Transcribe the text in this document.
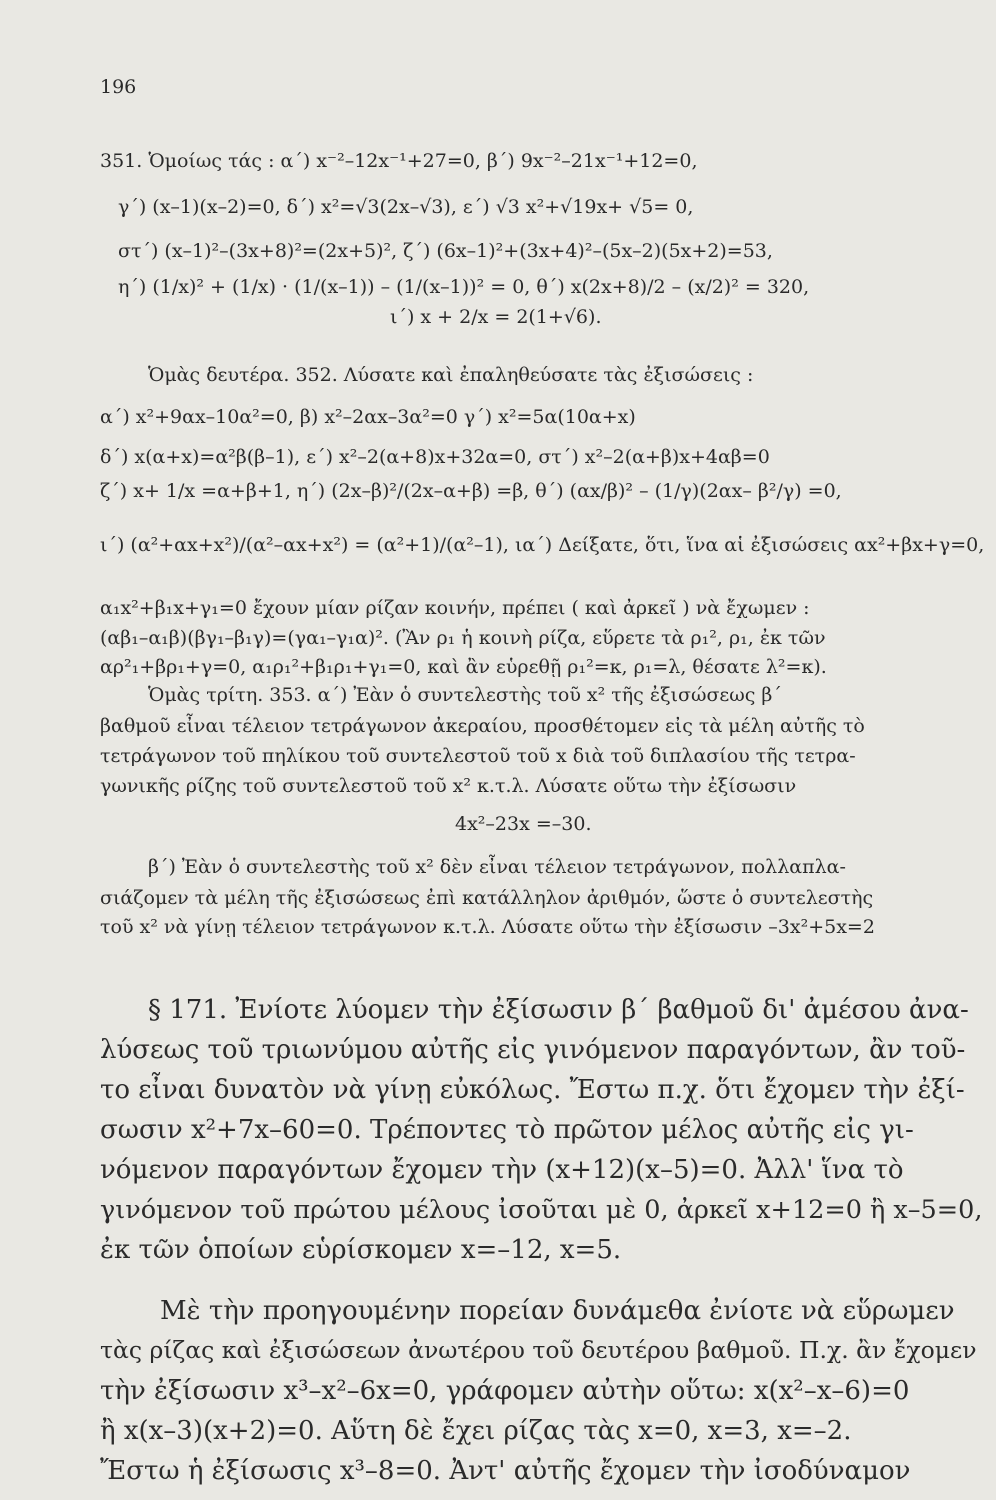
196
351. Ὁμοίως τάς : α΄) x⁻²–12x⁻¹+27=0, β΄) 9x⁻²–21x⁻¹+12=0,
γ΄) (x–1)(x–2)=0, δ΄) x²=√3(2x–√3), ε΄) √3 x²+√19x+ √5= 0,
στ΄) (x–1)²–(3x+8)²=(2x+5)², ζ΄) (6x–1)²+(3x+4)²–(5x–2)(5x+2)=53,
η΄) (1/x)² + (1/x) · (1/(x–1)) – (1/(x–1))² = 0, θ΄) x(2x+8)/2 – (x/2)² = 320,
ι΄) x + 2/x = 2(1+√6).
Ὁμὰς δευτέρα. 352. Λύσατε καὶ ἐπαληθεύσατε τὰς ἐξισώσεις :
α΄) x²+9αx–10α²=0, β) x²–2αx–3α²=0 γ΄) x²=5α(10α+x)
δ΄) x(α+x)=α²β(β–1), ε΄) x²–2(α+8)x+32α=0, στ΄) x²–2(α+β)x+4αβ=0
ζ΄) x+ 1/x =α+β+1, η΄) (2x–β)²/(2x–α+β) =β, θ΄) (αx/β)² – (1/γ)(2αx– β²/γ) =0,
ι΄) (α²+αx+x²)/(α²–αx+x²) = (α²+1)/(α²–1), ια΄) Δείξατε, ὅτι, ἵνα αἱ ἐξισώσεις αx²+βx+γ=0,
α₁x²+β₁x+γ₁=0 ἔχουν μίαν ρίζαν κοινήν, πρέπει ( καὶ ἀρκεῖ ) νὰ ἔχωμεν :
(αβ₁–α₁β)(βγ₁–β₁γ)=(γα₁–γ₁α)². (Ἂν ρ₁ ἡ κοινὴ ρίζα, εὕρετε τὰ ρ₁², ρ₁, ἐκ τῶν
αρ²₁+βρ₁+γ=0, α₁ρ₁²+β₁ρ₁+γ₁=0, καὶ ἂν εὑρεθῇ ρ₁²=κ, ρ₁=λ, θέσατε λ²=κ).
Ὁμὰς τρίτη. 353. α΄) Ἐὰν ὁ συντελεστὴς τοῦ x² τῆς ἐξισώσεως β΄
βαθμοῦ εἶναι τέλειον τετράγωνον ἀκεραίου, προσθέτομεν εἰς τὰ μέλη αὐτῆς τὸ
τετράγωνον τοῦ πηλίκου τοῦ συντελεστοῦ τοῦ x διὰ τοῦ διπλασίου τῆς τετρα-
γωνικῆς ρίζης τοῦ συντελεστοῦ τοῦ x² κ.τ.λ. Λύσατε οὕτω τὴν ἐξίσωσιν
4x²–23x =–30.
β΄) Ἐὰν ὁ συντελεστὴς τοῦ x² δὲν εἶναι τέλειον τετράγωνον, πολλαπλα-
σιάζομεν τὰ μέλη τῆς ἐξισώσεως ἐπὶ κατάλληλον ἀριθμόν, ὥστε ὁ συντελεστὴς
τοῦ x² νὰ γίνῃ τέλειον τετράγωνον κ.τ.λ. Λύσατε οὕτω τὴν ἐξίσωσιν –3x²+5x=2
§ 171. Ἐνίοτε λύομεν τὴν ἐξίσωσιν β΄ βαθμοῦ δι' ἀμέσου ἀνα-
λύσεως τοῦ τριωνύμου αὐτῆς εἰς γινόμενον παραγόντων, ἂν τοῦ-
το εἶναι δυνατὸν νὰ γίνῃ εὐκόλως. Ἔστω π.χ. ὅτι ἔχομεν τὴν ἐξί-
σωσιν x²+7x–60=0. Τρέποντες τὸ πρῶτον μέλος αὐτῆς εἰς γι-
νόμενον παραγόντων ἔχομεν τὴν (x+12)(x–5)=0. Ἀλλ' ἵνα τὸ
γινόμενον τοῦ πρώτου μέλους ἰσοῦται μὲ 0, ἀρκεῖ x+12=0 ἢ x–5=0,
ἐκ τῶν ὁποίων εὑρίσκομεν x=–12, x=5.
Μὲ τὴν προηγουμένην πορείαν δυνάμεθα ἐνίοτε νὰ εὕρωμεν
τὰς ρίζας καὶ ἐξισώσεων ἀνωτέρου τοῦ δευτέρου βαθμοῦ. Π.χ. ἂν ἔχομεν
τὴν ἐξίσωσιν x³–x²–6x=0, γράφομεν αὐτὴν οὕτω: x(x²–x–6)=0
ἢ x(x–3)(x+2)=0. Αὕτη δὲ ἔχει ρίζας τὰς x=0, x=3, x=–2.
Ἔστω ἡ ἐξίσωσις x³–8=0. Ἀντ' αὐτῆς ἔχομεν τὴν ἰσοδύναμον
